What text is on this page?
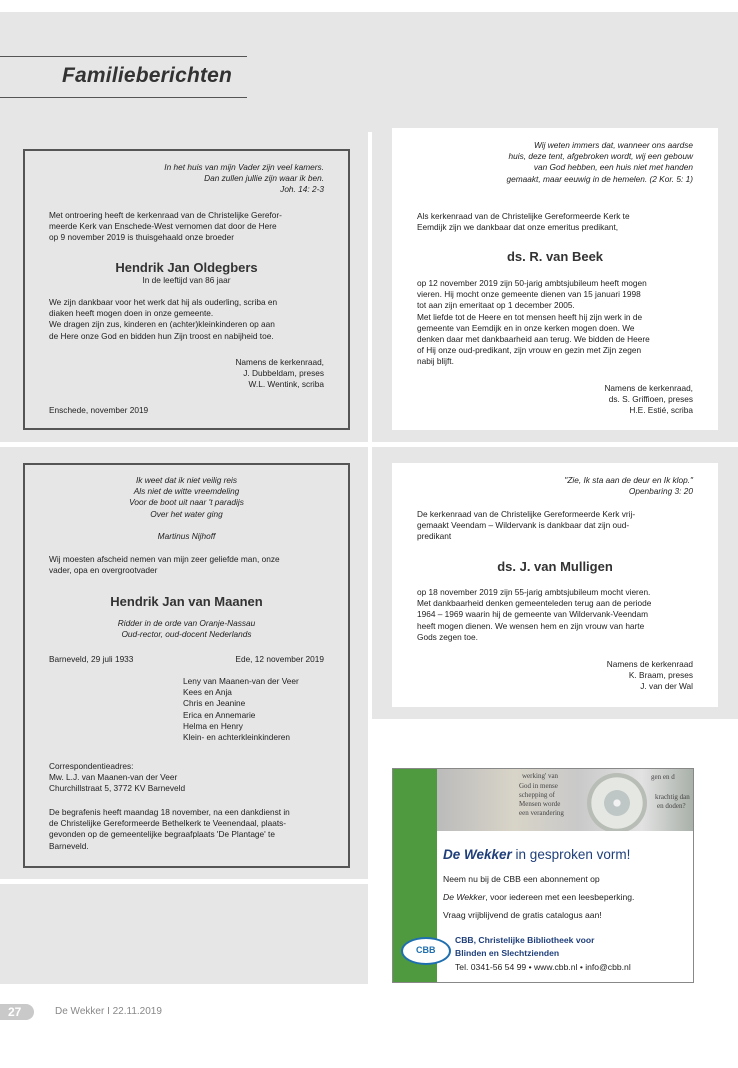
Familieberichten
In het huis van mijn Vader zijn veel kamers.
Dan zullen jullie zijn waar ik ben.
Joh. 14: 2-3
Met ontroering heeft de kerkenraad van de Christelijke Gerefor-
meerde Kerk van Enschede-West vernomen dat door de Here
op 9 november 2019 is thuisgehaald onze broeder
Hendrik Jan Oldegbers
In de leeftijd van 86 jaar
We zijn dankbaar voor het werk dat hij als ouderling, scriba en
diaken heeft mogen doen in onze gemeente.
We dragen zijn zus, kinderen en (achter)kleinkinderen op aan
de Here onze God en bidden hun Zijn troost en nabijheid toe.
Namens de kerkenraad,
J. Dubbeldam, preses
W.L. Wentink, scriba
Enschede, november 2019
Wij weten immers dat, wanneer ons aardse
huis, deze tent, afgebroken wordt, wij een gebouw
van God hebben, een huis niet met handen
gemaakt, maar eeuwig in de hemelen. (2 Kor. 5: 1)
Als kerkenraad van de Christelijke Gereformeerde Kerk te
Eemdijk zijn we dankbaar dat onze emeritus predikant,
ds. R. van Beek
op 12 november 2019 zijn 50-jarig ambtsjubileum heeft mogen
vieren. Hij mocht onze gemeente dienen van 15 januari 1998
tot aan zijn emeritaat op 1 december 2005.
Met liefde tot de Heere en tot mensen heeft hij zijn werk in de
gemeente van Eemdijk en in onze kerken mogen doen. We
denken daar met dankbaarheid aan terug. We bidden de Heere
of Hij onze oud-predikant, zijn vrouw en gezin met Zijn zegen
nabij blijft.
Namens de kerkenraad,
ds. S. Griffioen, preses
H.E. Estié, scriba
Ik weet dat ik niet veilig reis
Als niet de witte vreemdeling
Voor de boot uit naar 't paradijs
Over het water ging
Martinus Nijhoff
Wij moesten afscheid nemen van mijn zeer geliefde man, onze
vader, opa en overgrootvader
Hendrik Jan van Maanen
Ridder in de orde van Oranje-Nassau
Oud-rector, oud-docent Nederlands
Barneveld, 29 juli 1933	Ede, 12 november 2019
Leny van Maanen-van der Veer
Kees en Anja
Chris en Jeanine
Erica en Annemarie
Helma en Henry
Klein- en achterkleinkinderen
Correspondentieadres:
Mw. L.J. van Maanen-van der Veer
Churchillstraat 5, 3772 KV Barneveld
De begrafenis heeft maandag 18 november, na een dankdienst in
de Christelijke Gereformeerde Bethelkerk te Veenendaal, plaats-
gevonden op de gemeentelijke begraafplaats 'De Plantage' te
Barneveld.
"Zie, Ik sta aan de deur en Ik klop."
Openbaring 3: 20
De kerkenraad van de Christelijke Gereformeerde Kerk vrij-
gemaakt Veendam – Wildervank is dankbaar dat zijn oud-
predikant
ds. J. van Mulligen
op 18 november 2019 zijn 55-jarig ambtsjubileum mocht vieren.
Met dankbaarheid denken gemeenteleden terug aan de periode
1964 – 1969 waarin hij de gemeente van Wildervank-Veendam
heeft mogen dienen. We wensen hem en zijn vrouw van harte
Gods zegen toe.
Namens de kerkenraad
K. Braam, preses
J. van der Wal
werking' van
God in mense
schepping of
Mensen worde
een verandering
krachtig dan
en doden?
gen en d
De Wekker in gesproken vorm!
Neem nu bij de CBB een abonnement op
De Wekker, voor iedereen met een leesbeperking.
Vraag vrijblijvend de gratis catalogus aan!
CBB
CBB, Christelijke Bibliotheek voor
Blinden en Slechtzienden
Tel. 0341-56 54 99 • www.cbb.nl • info@cbb.nl
27	De Wekker I 22.11.2019
